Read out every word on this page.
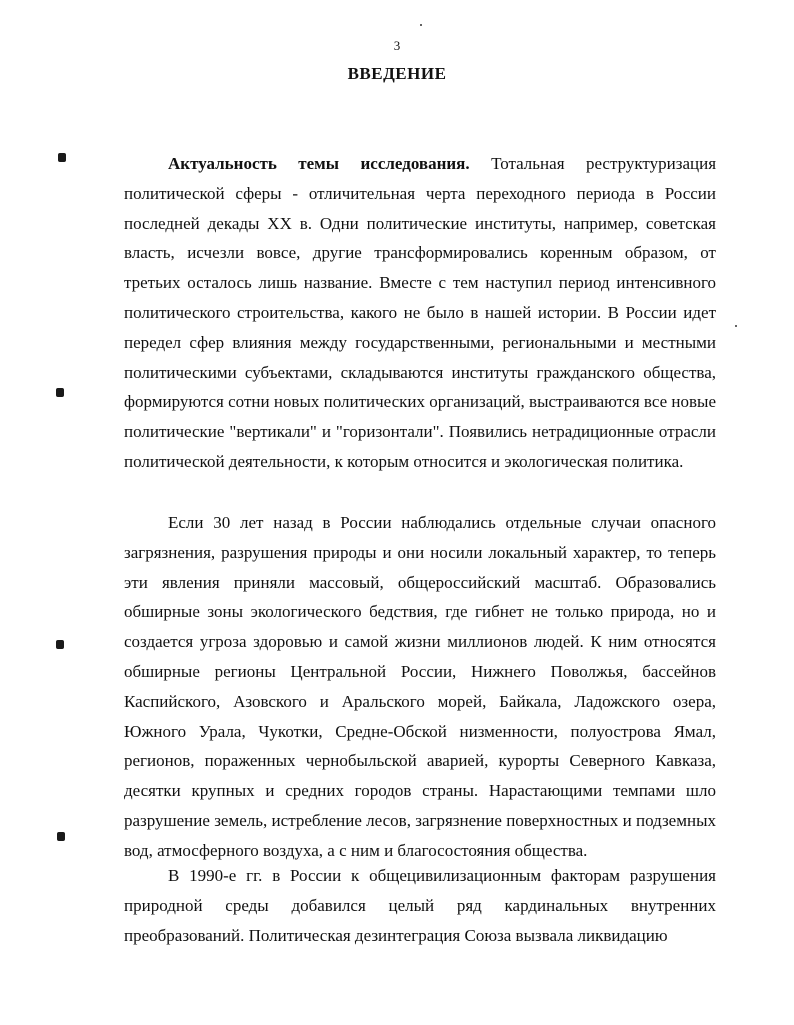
3
ВВЕДЕНИЕ

Актуальность темы исследования. Тотальная реструктуризация политической сферы - отличительная черта переходного периода в России последней декады XX в. Одни политические институты, например, советская власть, исчезли вовсе, другие трансформировались коренным образом, от третьих осталось лишь название. Вместе с тем наступил период интенсивного политического строительства, какого не было в нашей истории. В России идет передел сфер влияния между государственными, региональными и местными политическими субъектами, складываются институты гражданского общества, формируются сотни новых политических организаций, выстраиваются все новые политические "вертикали" и "горизонтали". Появились нетрадиционные отрасли политической деятельности, к которым относится и экологическая политика.

Если 30 лет назад в России наблюдались отдельные случаи опасного загрязнения, разрушения природы и они носили локальный характер, то теперь эти явления приняли массовый, общероссийский масштаб. Образовались обширные зоны экологического бедствия, где гибнет не только природа, но и создается угроза здоровью и самой жизни миллионов людей. К ним относятся обширные регионы Центральной России, Нижнего Поволжья, бассейнов Каспийского, Азовского и Аральского морей, Байкала, Ладожского озера, Южного Урала, Чукотки, Средне-Обской низменности, полуострова Ямал, регионов, пораженных чернобыльской аварией, курорты Северного Кавказа, десятки крупных и средних городов страны. Нарастающими темпами шло разрушение земель, истребление лесов, загрязнение поверхностных и подземных вод, атмосферного воздуха, а с ним и благосостояния общества.

В 1990-е гг. в России к общецивилизационным факторам разрушения природной среды добавился целый ряд кардинальных внутренних преобразований. Политическая дезинтеграция Союза вызвала ликвидацию
